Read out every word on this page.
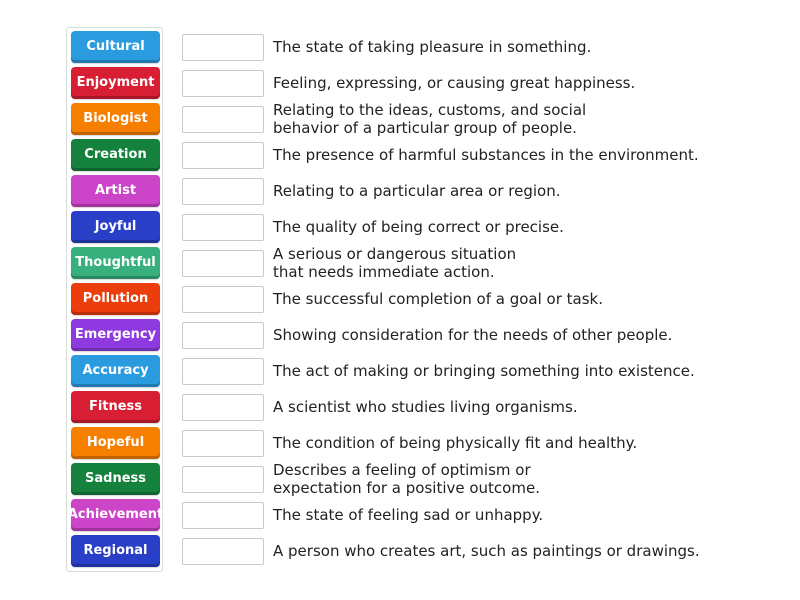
Cultural
Enjoyment
Biologist
Creation
Artist
Joyful
Thoughtful
Pollution
Emergency
Accuracy
Fitness
Hopeful
Sadness
Achievement
Regional
The state of taking pleasure in something.
Feeling, expressing, or causing great happiness.
Relating to the ideas, customs, and social
behavior of a particular group of people.
The presence of harmful substances in the environment.
Relating to a particular area or region.
The quality of being correct or precise.
A serious or dangerous situation
that needs immediate action.
The successful completion of a goal or task.
Showing consideration for the needs of other people.
The act of making or bringing something into existence.
A scientist who studies living organisms.
The condition of being physically fit and healthy.
Describes a feeling of optimism or
expectation for a positive outcome.
The state of feeling sad or unhappy.
A person who creates art, such as paintings or drawings.
